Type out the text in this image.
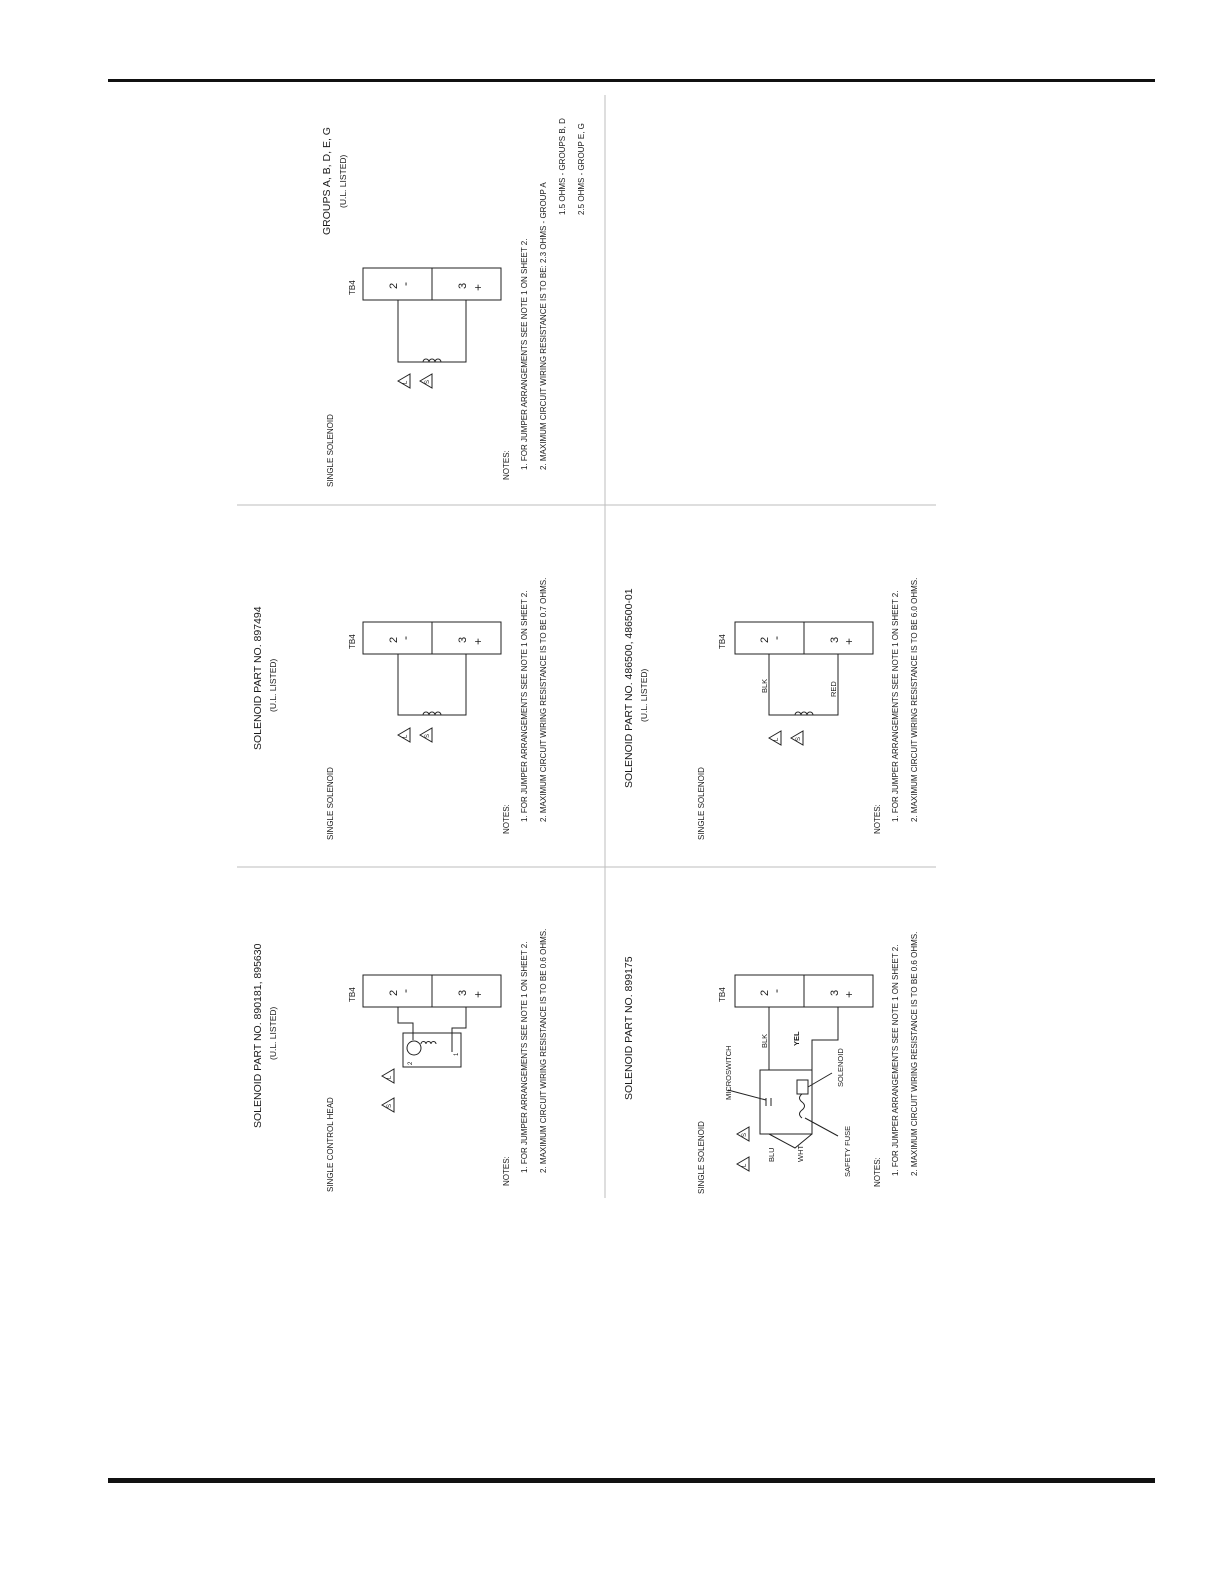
GROUPS A, B, D, E, G (U.L. LISTED)
SINGLE SOLENOID
TB4	2
-	3 +
L	S
NOTES: 1. FOR JUMPER ARRANGEMENTS SEE NOTE 1 ON SHEET 2. 2. MAXIMUM CIRCUIT WIRING RESISTANCE IS TO BE: 2.3 OHMS - GROUP A
1.5 OHMS - GROUPS B, D 2.5 OHMS - GROUP E, G
SOLENOID PART NO. 897494 (U.L. LISTED)
SINGLE SOLENOID
TB4	2
-	3 +
L	S
NOTES: 1. FOR JUMPER ARRANGEMENTS SEE NOTE 1 ON SHEET 2. 2. MAXIMUM CIRCUIT WIRING RESISTANCE IS TO BE 0.7 OHMS.
SOLENOID PART NO. 890181, 895630 (U.L. LISTED)
SINGLE CONTROL HEAD
TB4	2
-	3 +
2
1
L
S
NOTES: 1. FOR JUMPER ARRANGEMENTS SEE NOTE 1 ON SHEET 2. 2. MAXIMUM CIRCUIT WIRING RESISTANCE IS TO BE 0.6 OHMS.
SOLENOID PART NO. 486500, 486500-01 (U.L. LISTED)
SINGLE SOLENOID
TB4	2
-	3 +
BLK	RED
L	S
NOTES: 1. FOR JUMPER ARRANGEMENTS SEE NOTE 1 ON SHEET 2. 2. MAXIMUM CIRCUIT WIRING RESISTANCE IS TO BE 6.0 OHMS.
SOLENOID PART NO. 899175
SINGLE SOLENOID
TB4	2
-	3 +
MICROSWITCH
BLK	YEL
SOLENOID
BLU	WHT	SAFETY FUSE
L
S
NOTES: 1. FOR JUMPER ARRANGEMENTS SEE NOTE 1 ON SHEET 2. 2. MAXIMUM CIRCUIT WIRING RESISTANCE IS TO BE 0.6 OHMS.
